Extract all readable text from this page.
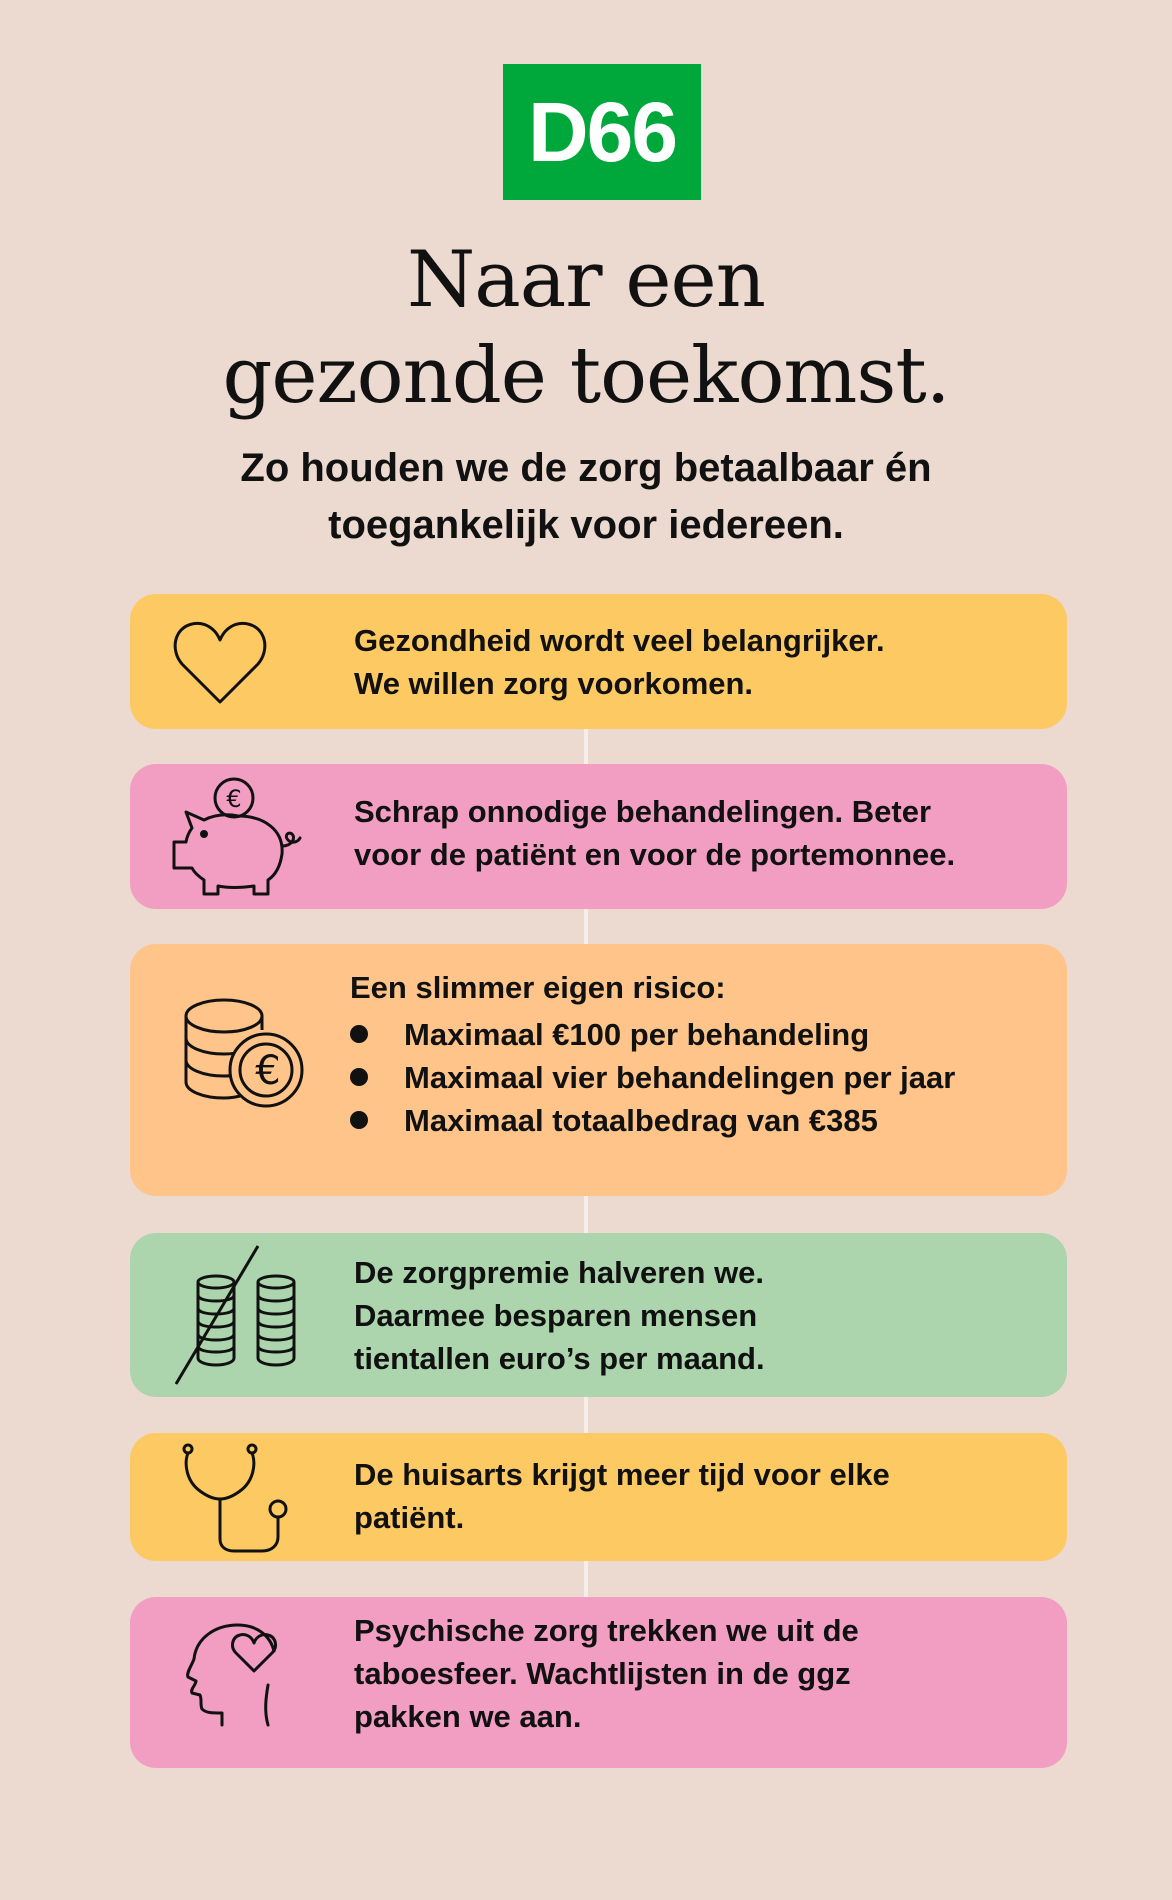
D66
Naar een
gezonde toekomst.
Zo houden we de zorg betaalbaar én
toegankelijk voor iedereen.
Gezondheid wordt veel belangrijker.
We willen zorg voorkomen.
€	Schrap onnodige behandelingen. Beter
voor de patiënt en voor de portemonnee.
€
Een slimmer eigen risico:
Maximaal €100 per behandeling
Maximaal vier behandelingen per jaar
Maximaal totaalbedrag van €385
De zorgpremie halveren we.
Daarmee besparen mensen
tientallen euro’s per maand.
De huisarts krijgt meer tijd voor elke
patiënt.
Psychische zorg trekken we uit de
taboesfeer. Wachtlijsten in de ggz
pakken we aan.
